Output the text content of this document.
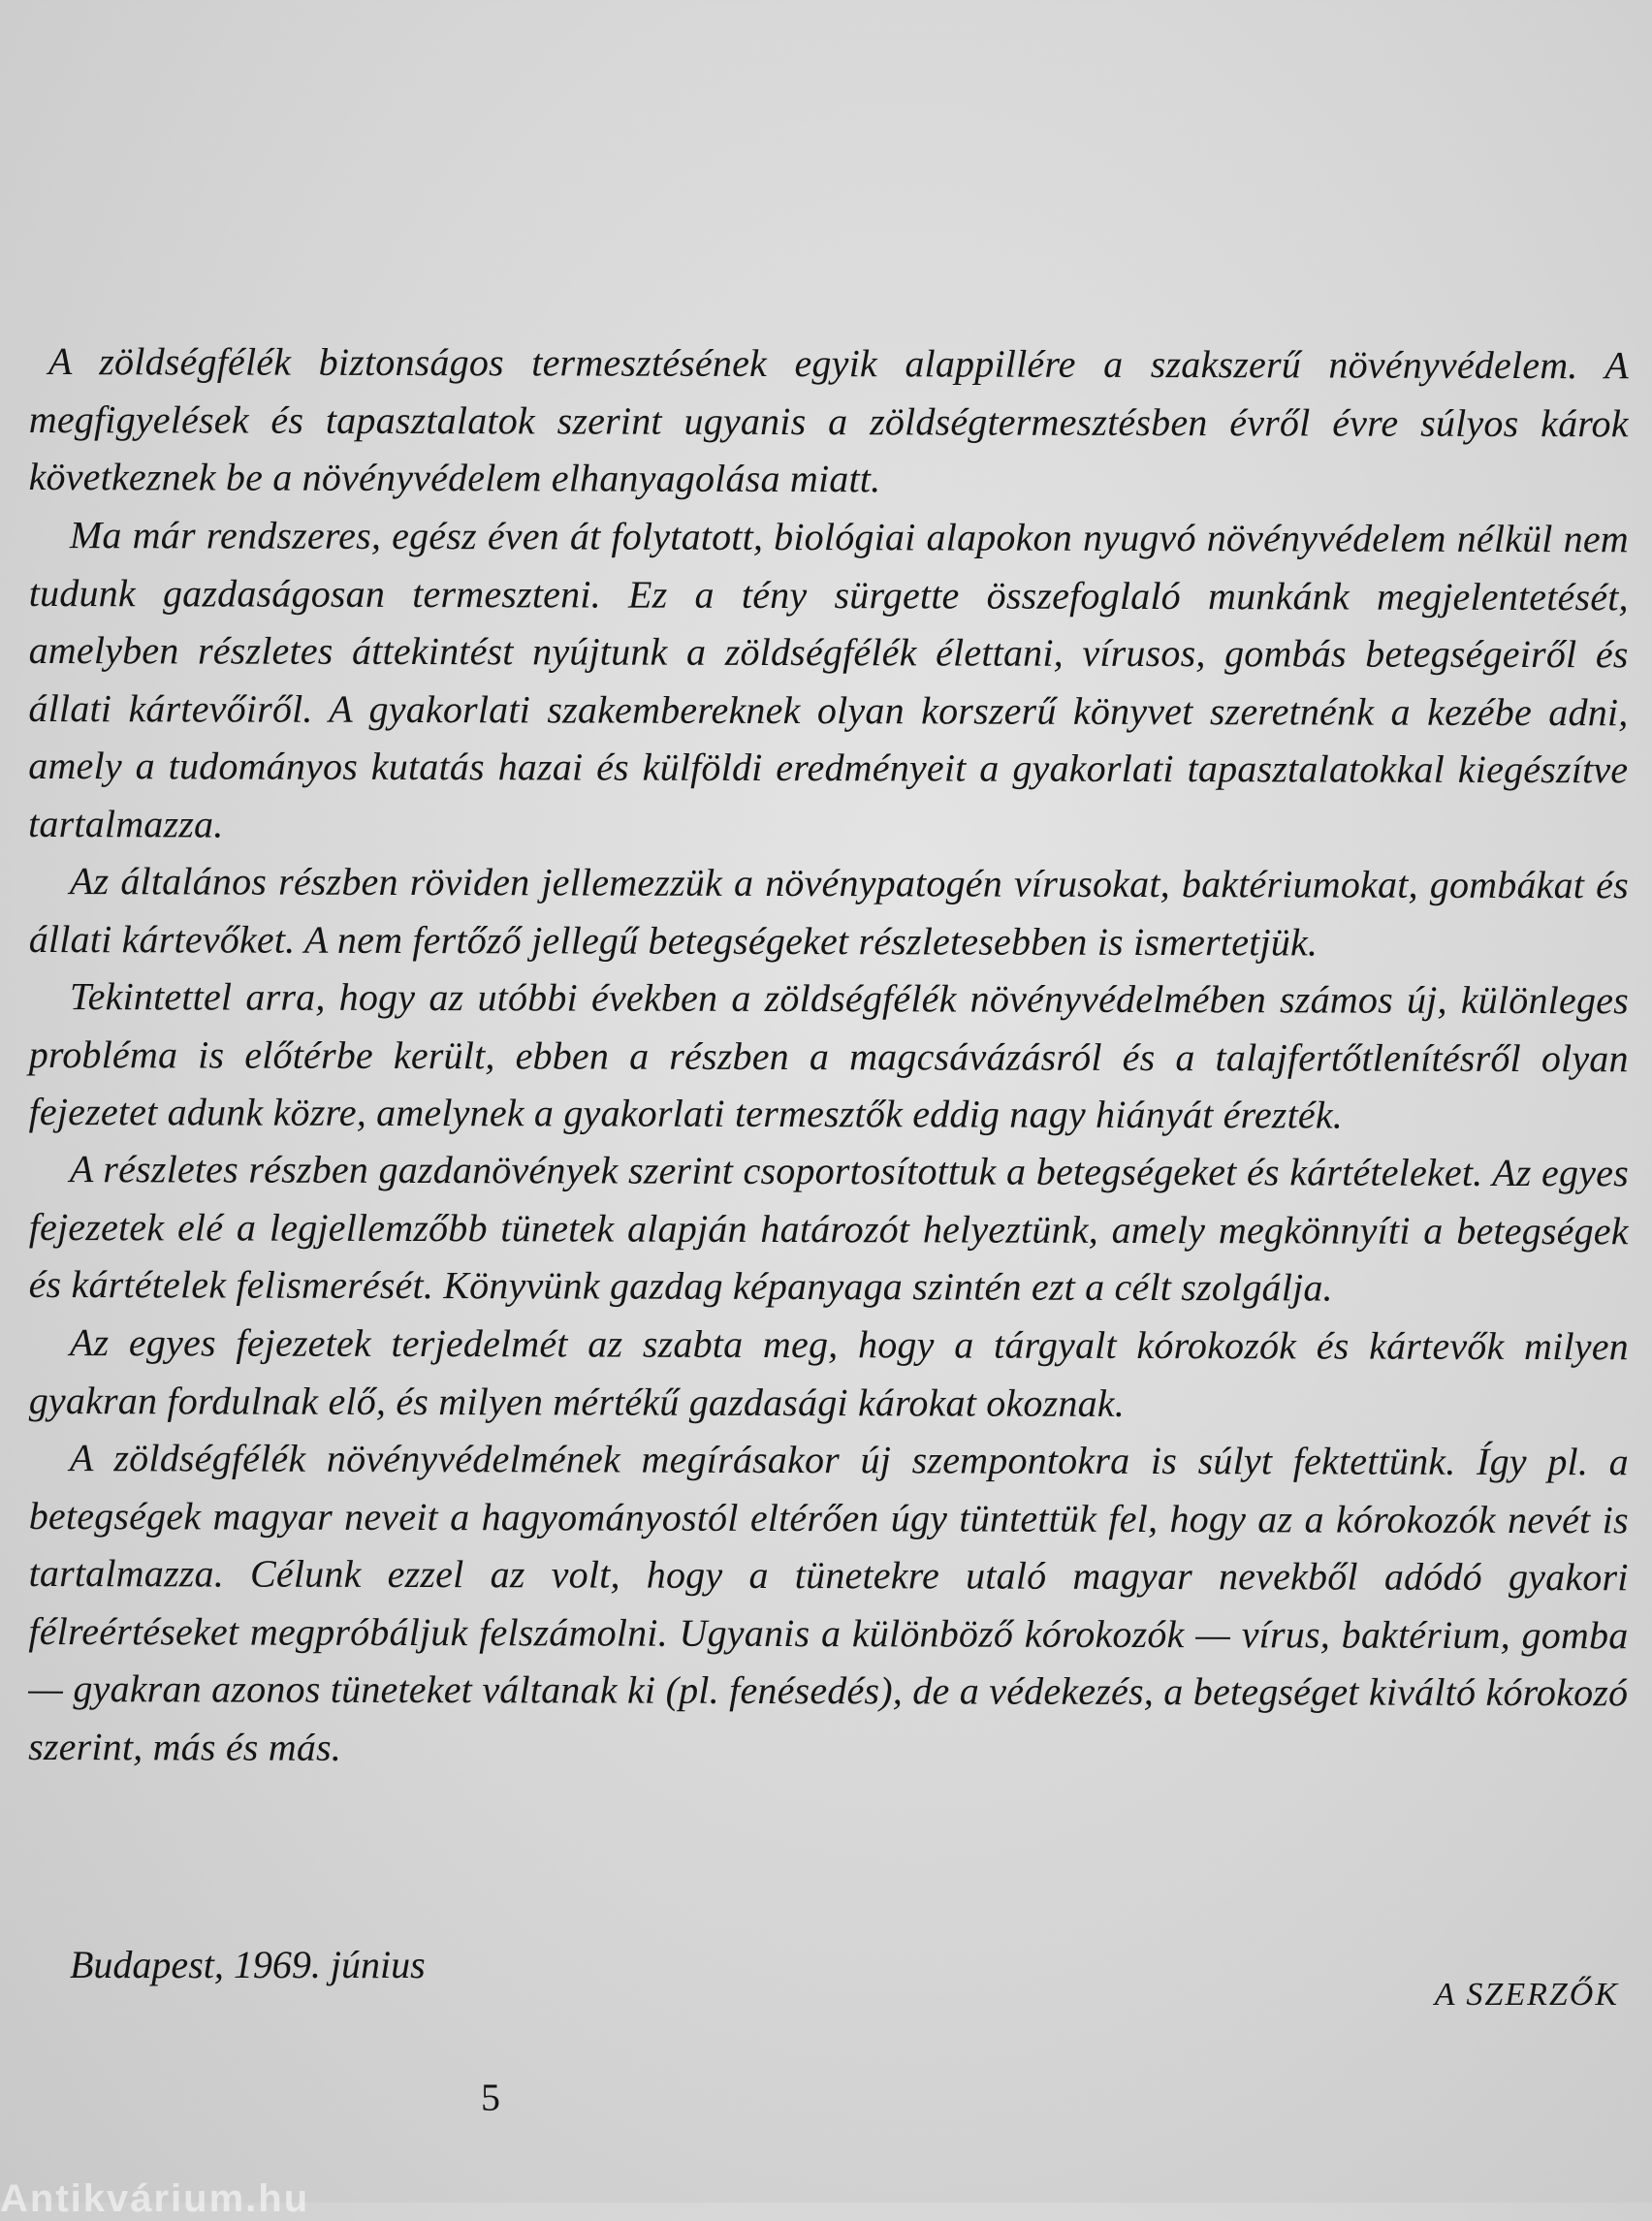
A zöldségfélék biztonságos termesztésének egyik alappillére a szakszerű növényvédelem. A megfigyelések és tapasztalatok szerint ugyanis a zöldségtermesztésben évről évre súlyos károk következnek be a növényvédelem elhanyagolása miatt.

Ma már rendszeres, egész éven át folytatott, biológiai alapokon nyugvó növényvédelem nélkül nem tudunk gazdaságosan termeszteni. Ez a tény sürgette összefoglaló munkánk megjelentetését, amelyben részletes áttekintést nyújtunk a zöldségfélék élettani, vírusos, gombás betegségeiről és állati kártevőiről. A gyakorlati szakembereknek olyan korszerű könyvet szeretnénk a kezébe adni, amely a tudományos kutatás hazai és külföldi eredményeit a gyakorlati tapasztalatokkal kiegészítve tartalmazza.

Az általános részben röviden jellemezzük a növénypatogén vírusokat, baktériumokat, gombákat és állati kártevőket. A nem fertőző jellegű betegségeket részletesebben is ismertetjük.

Tekintettel arra, hogy az utóbbi években a zöldségfélék növényvédelmében számos új, különleges probléma is előtérbe került, ebben a részben a magcsávázásról és a talajfertőtlenítésről olyan fejezetet adunk közre, amelynek a gyakorlati termesztők eddig nagy hiányát érezték.

A részletes részben gazdanövények szerint csoportosítottuk a betegségeket és kártételeket. Az egyes fejezetek elé a legjellemzőbb tünetek alapján határozót helyeztünk, amely megkönnyíti a betegségek és kártételek felismerését. Könyvünk gazdag képanyaga szintén ezt a célt szolgálja.

Az egyes fejezetek terjedelmét az szabta meg, hogy a tárgyalt kórokozók és kártevők milyen gyakran fordulnak elő, és milyen mértékű gazdasági károkat okoznak.

A zöldségfélék növényvédelmének megírásakor új szempontokra is súlyt fektettünk. Így pl. a betegségek magyar neveit a hagyományostól eltérően úgy tüntettük fel, hogy az a kórokozók nevét is tartalmazza. Célunk ezzel az volt, hogy a tünetekre utaló magyar nevekből adódó gyakori félreértéseket megpróbáljuk felszámolni. Ugyanis a különböző kórokozók — vírus, baktérium, gomba — gyakran azonos tüneteket váltanak ki (pl. fenésedés), de a védekezés, a betegséget kiváltó kórokozó szerint, más és más.

Budapest, 1969. június
A SZERZŐK
5
Antikvárium.hu
